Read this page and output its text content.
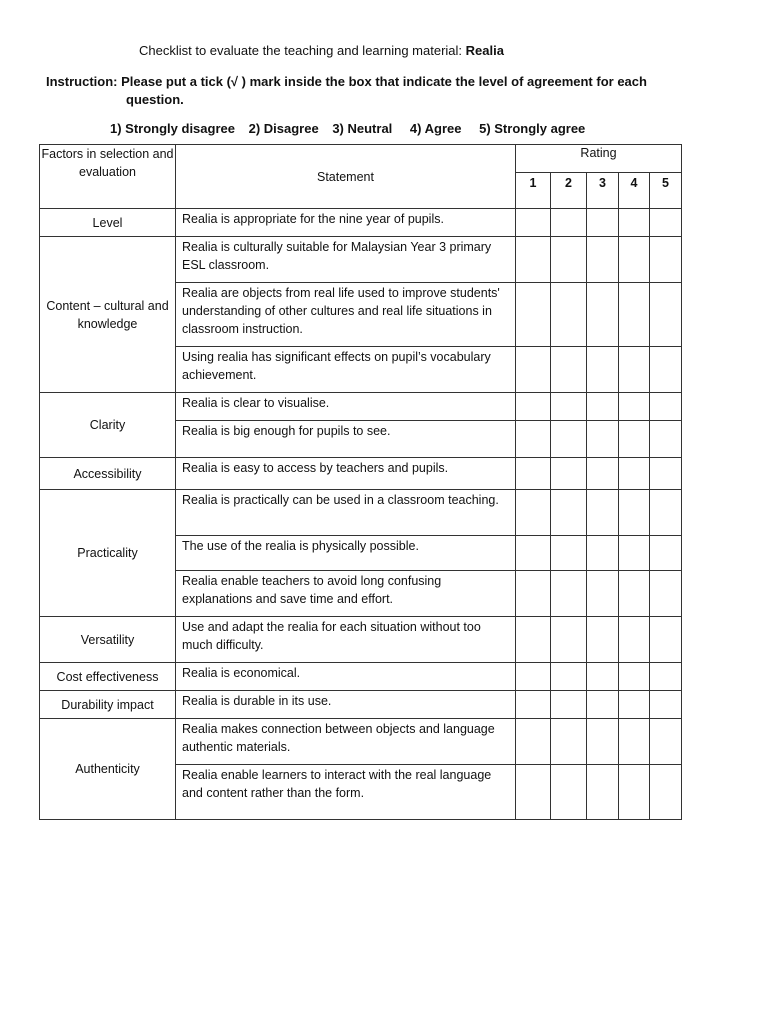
Checklist to evaluate the teaching and learning material: Realia
Instruction: Please put a tick (√ ) mark inside the box that indicate the level of agreement for each
question.
1) Strongly disagree 2) Disagree 3) Neutral 4) Agree 5) Strongly agree
Factors in selection and evaluation	Statement	Rating				
		1	2	3	4	5
Level	Realia is appropriate for the nine year of pupils.					
Content – cultural and knowledge	Realia is culturally suitable for Malaysian Year 3 primary ESL classroom.					
	Realia are objects from real life used to improve students' understanding of other cultures and real life situations in classroom instruction.					
	Using realia has significant effects on pupil’s vocabulary achievement.					
Clarity	Realia is clear to visualise.					
	Realia is big enough for pupils to see.					
Accessibility	Realia is easy to access by teachers and pupils.					
Practicality	Realia is practically can be used in a classroom teaching.					
	The use of the realia is physically possible.					
	Realia enable teachers to avoid long confusing explanations and save time and effort.					
Versatility	Use and adapt the realia for each situation without too much difficulty.					
Cost effectiveness	Realia is economical.					
Durability impact	Realia is durable in its use.					
Authenticity	Realia makes connection between objects and language authentic materials.					
	Realia enable learners to interact with the real language and content rather than the form.					
